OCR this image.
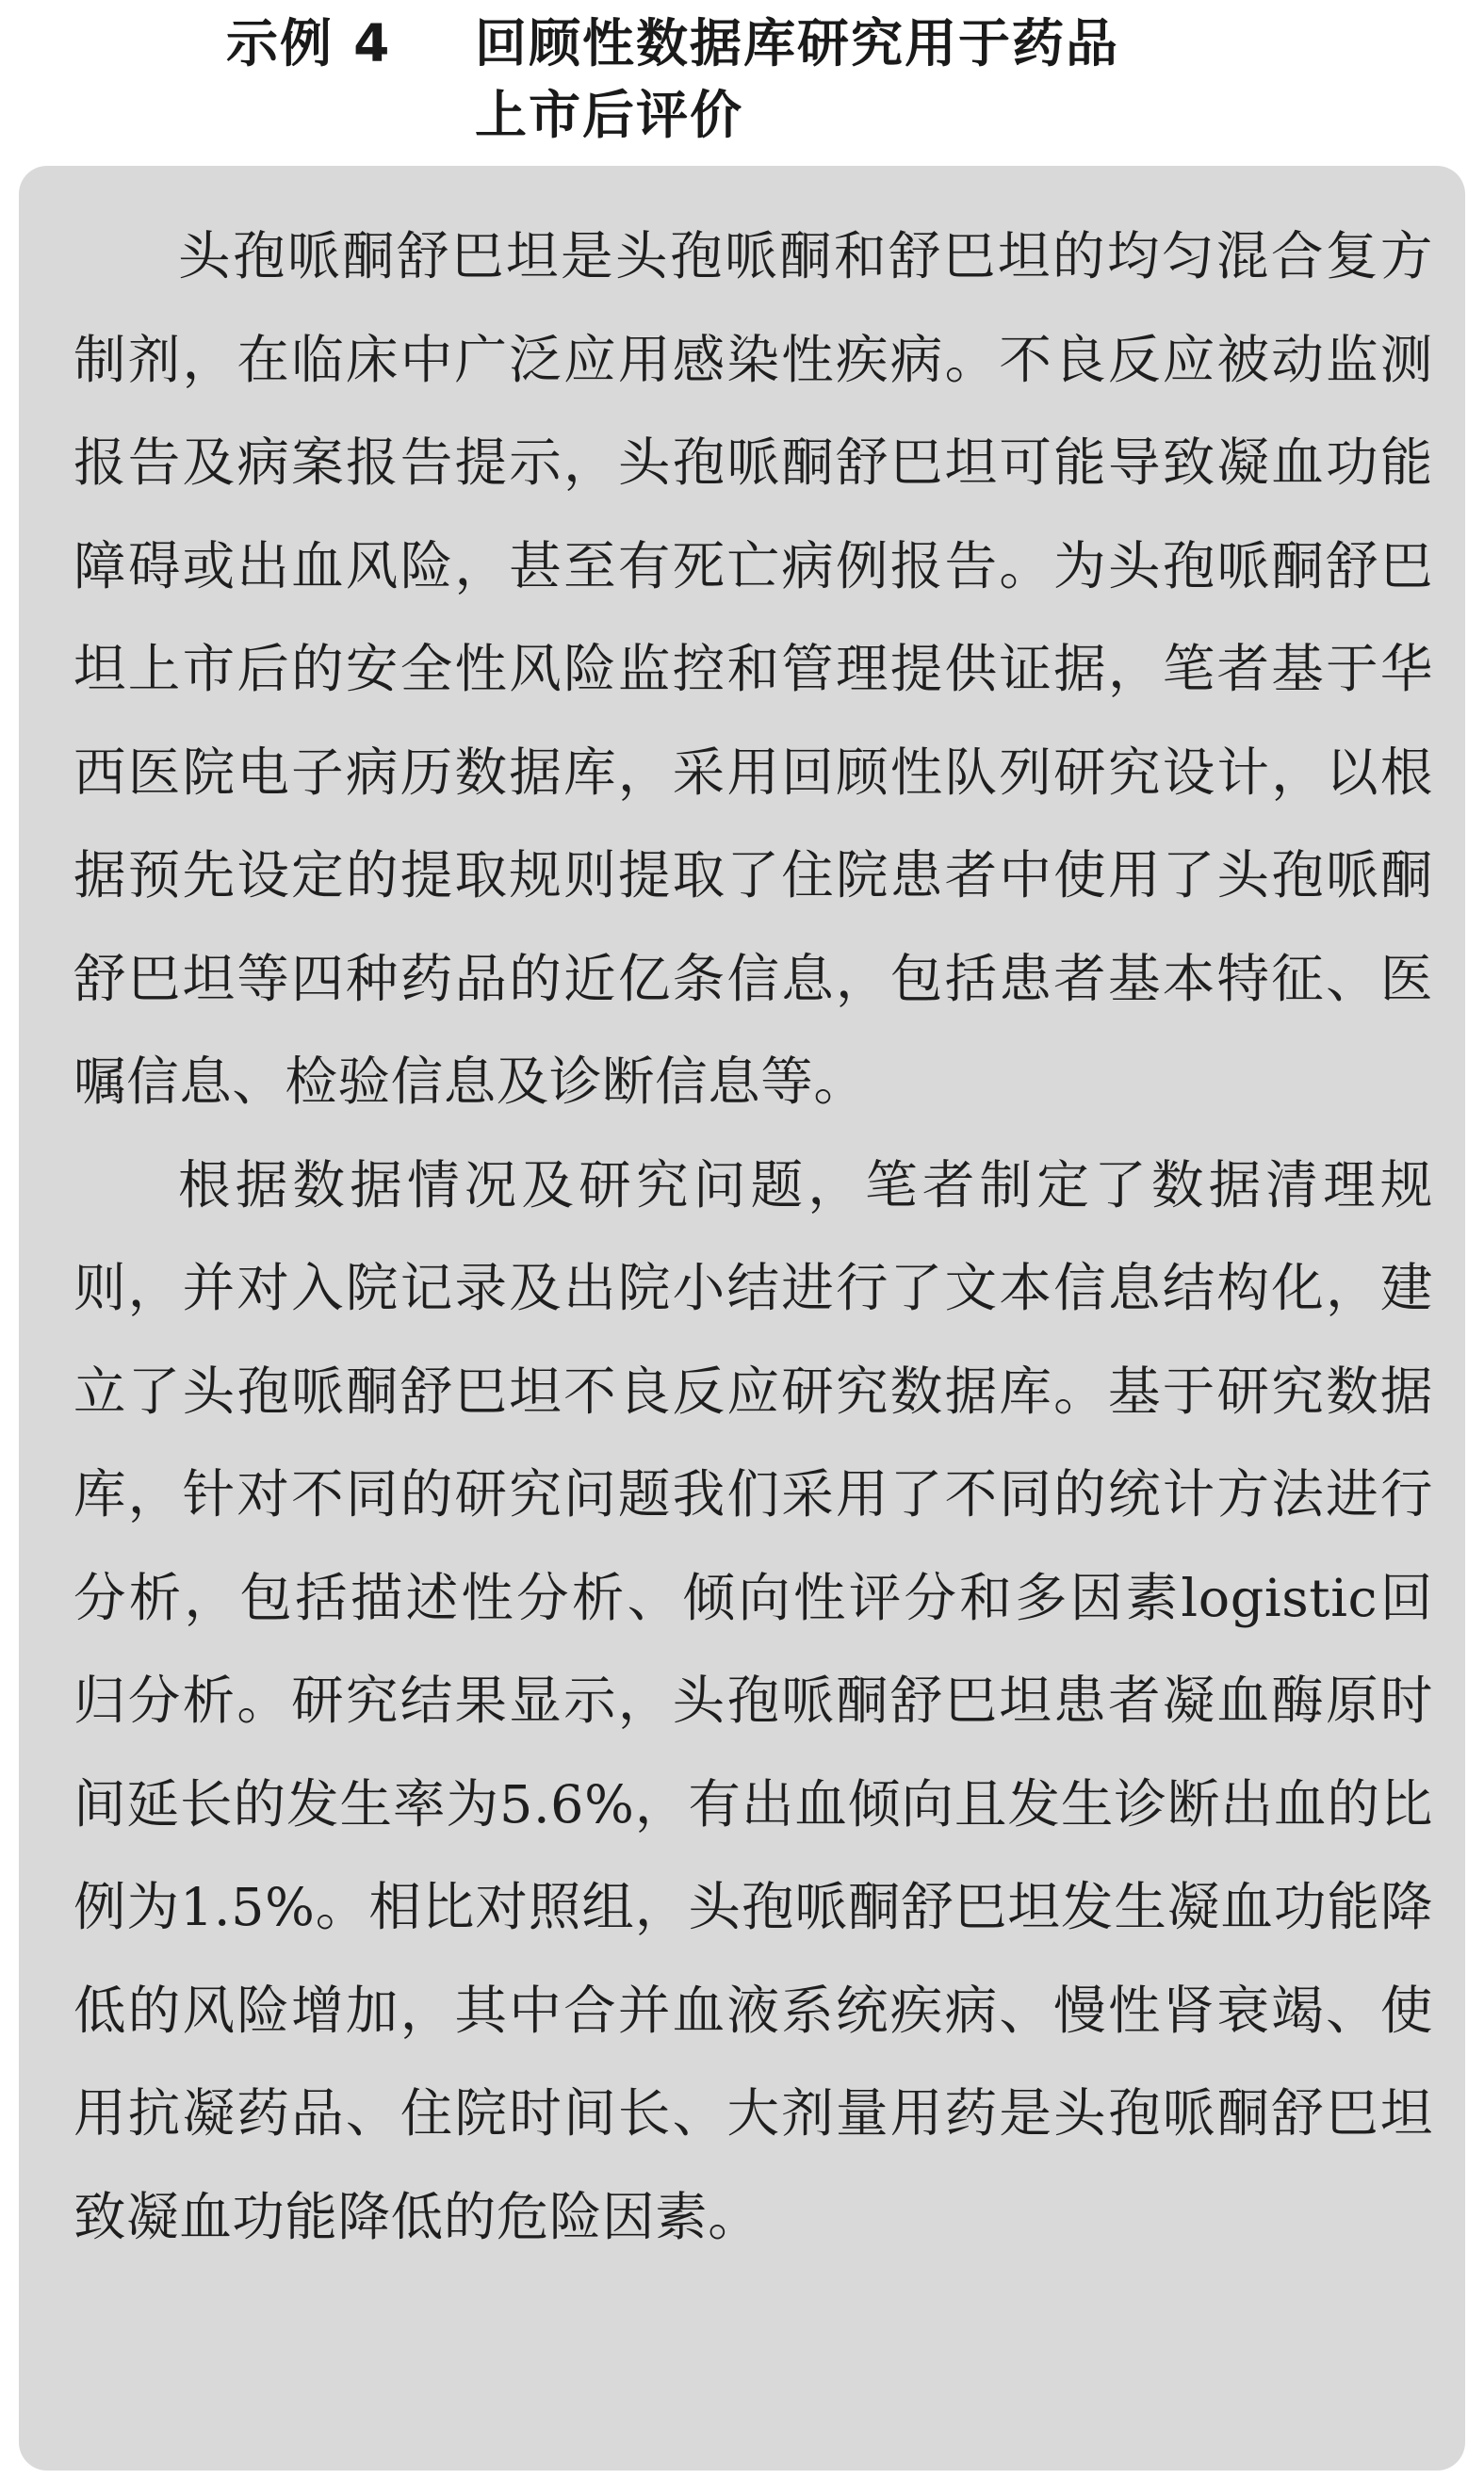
示例 4 回顾性数据库研究用于药品
上市后评价

头孢哌酮舒巴坦是头孢哌酮和舒巴坦的均匀混合复方制剂，在临床中广泛应用感染性疾病。不良反应被动监测报告及病案报告提示，头孢哌酮舒巴坦可能导致凝血功能障碍或出血风险，甚至有死亡病例报告。为头孢哌酮舒巴坦上市后的安全性风险监控和管理提供证据，笔者基于华西医院电子病历数据库，采用回顾性队列研究设计，以根据预先设定的提取规则提取了住院患者中使用了头孢哌酮舒巴坦等四种药品的近亿条信息，包括患者基本特征、医嘱信息、检验信息及诊断信息等。

根据数据情况及研究问题，笔者制定了数据清理规则，并对入院记录及出院小结进行了文本信息结构化，建立了头孢哌酮舒巴坦不良反应研究数据库。基于研究数据库，针对不同的研究问题我们采用了不同的统计方法进行分析，包括描述性分析、倾向性评分和多因素logistic回归分析。研究结果显示，头孢哌酮舒巴坦患者凝血酶原时间延长的发生率为5.6%，有出血倾向且发生诊断出血的比例为1.5%。相比对照组，头孢哌酮舒巴坦发生凝血功能降低的风险增加，其中合并血液系统疾病、慢性肾衰竭、使用抗凝药品、住院时间长、大剂量用药是头孢哌酮舒巴坦致凝血功能降低的危险因素。
